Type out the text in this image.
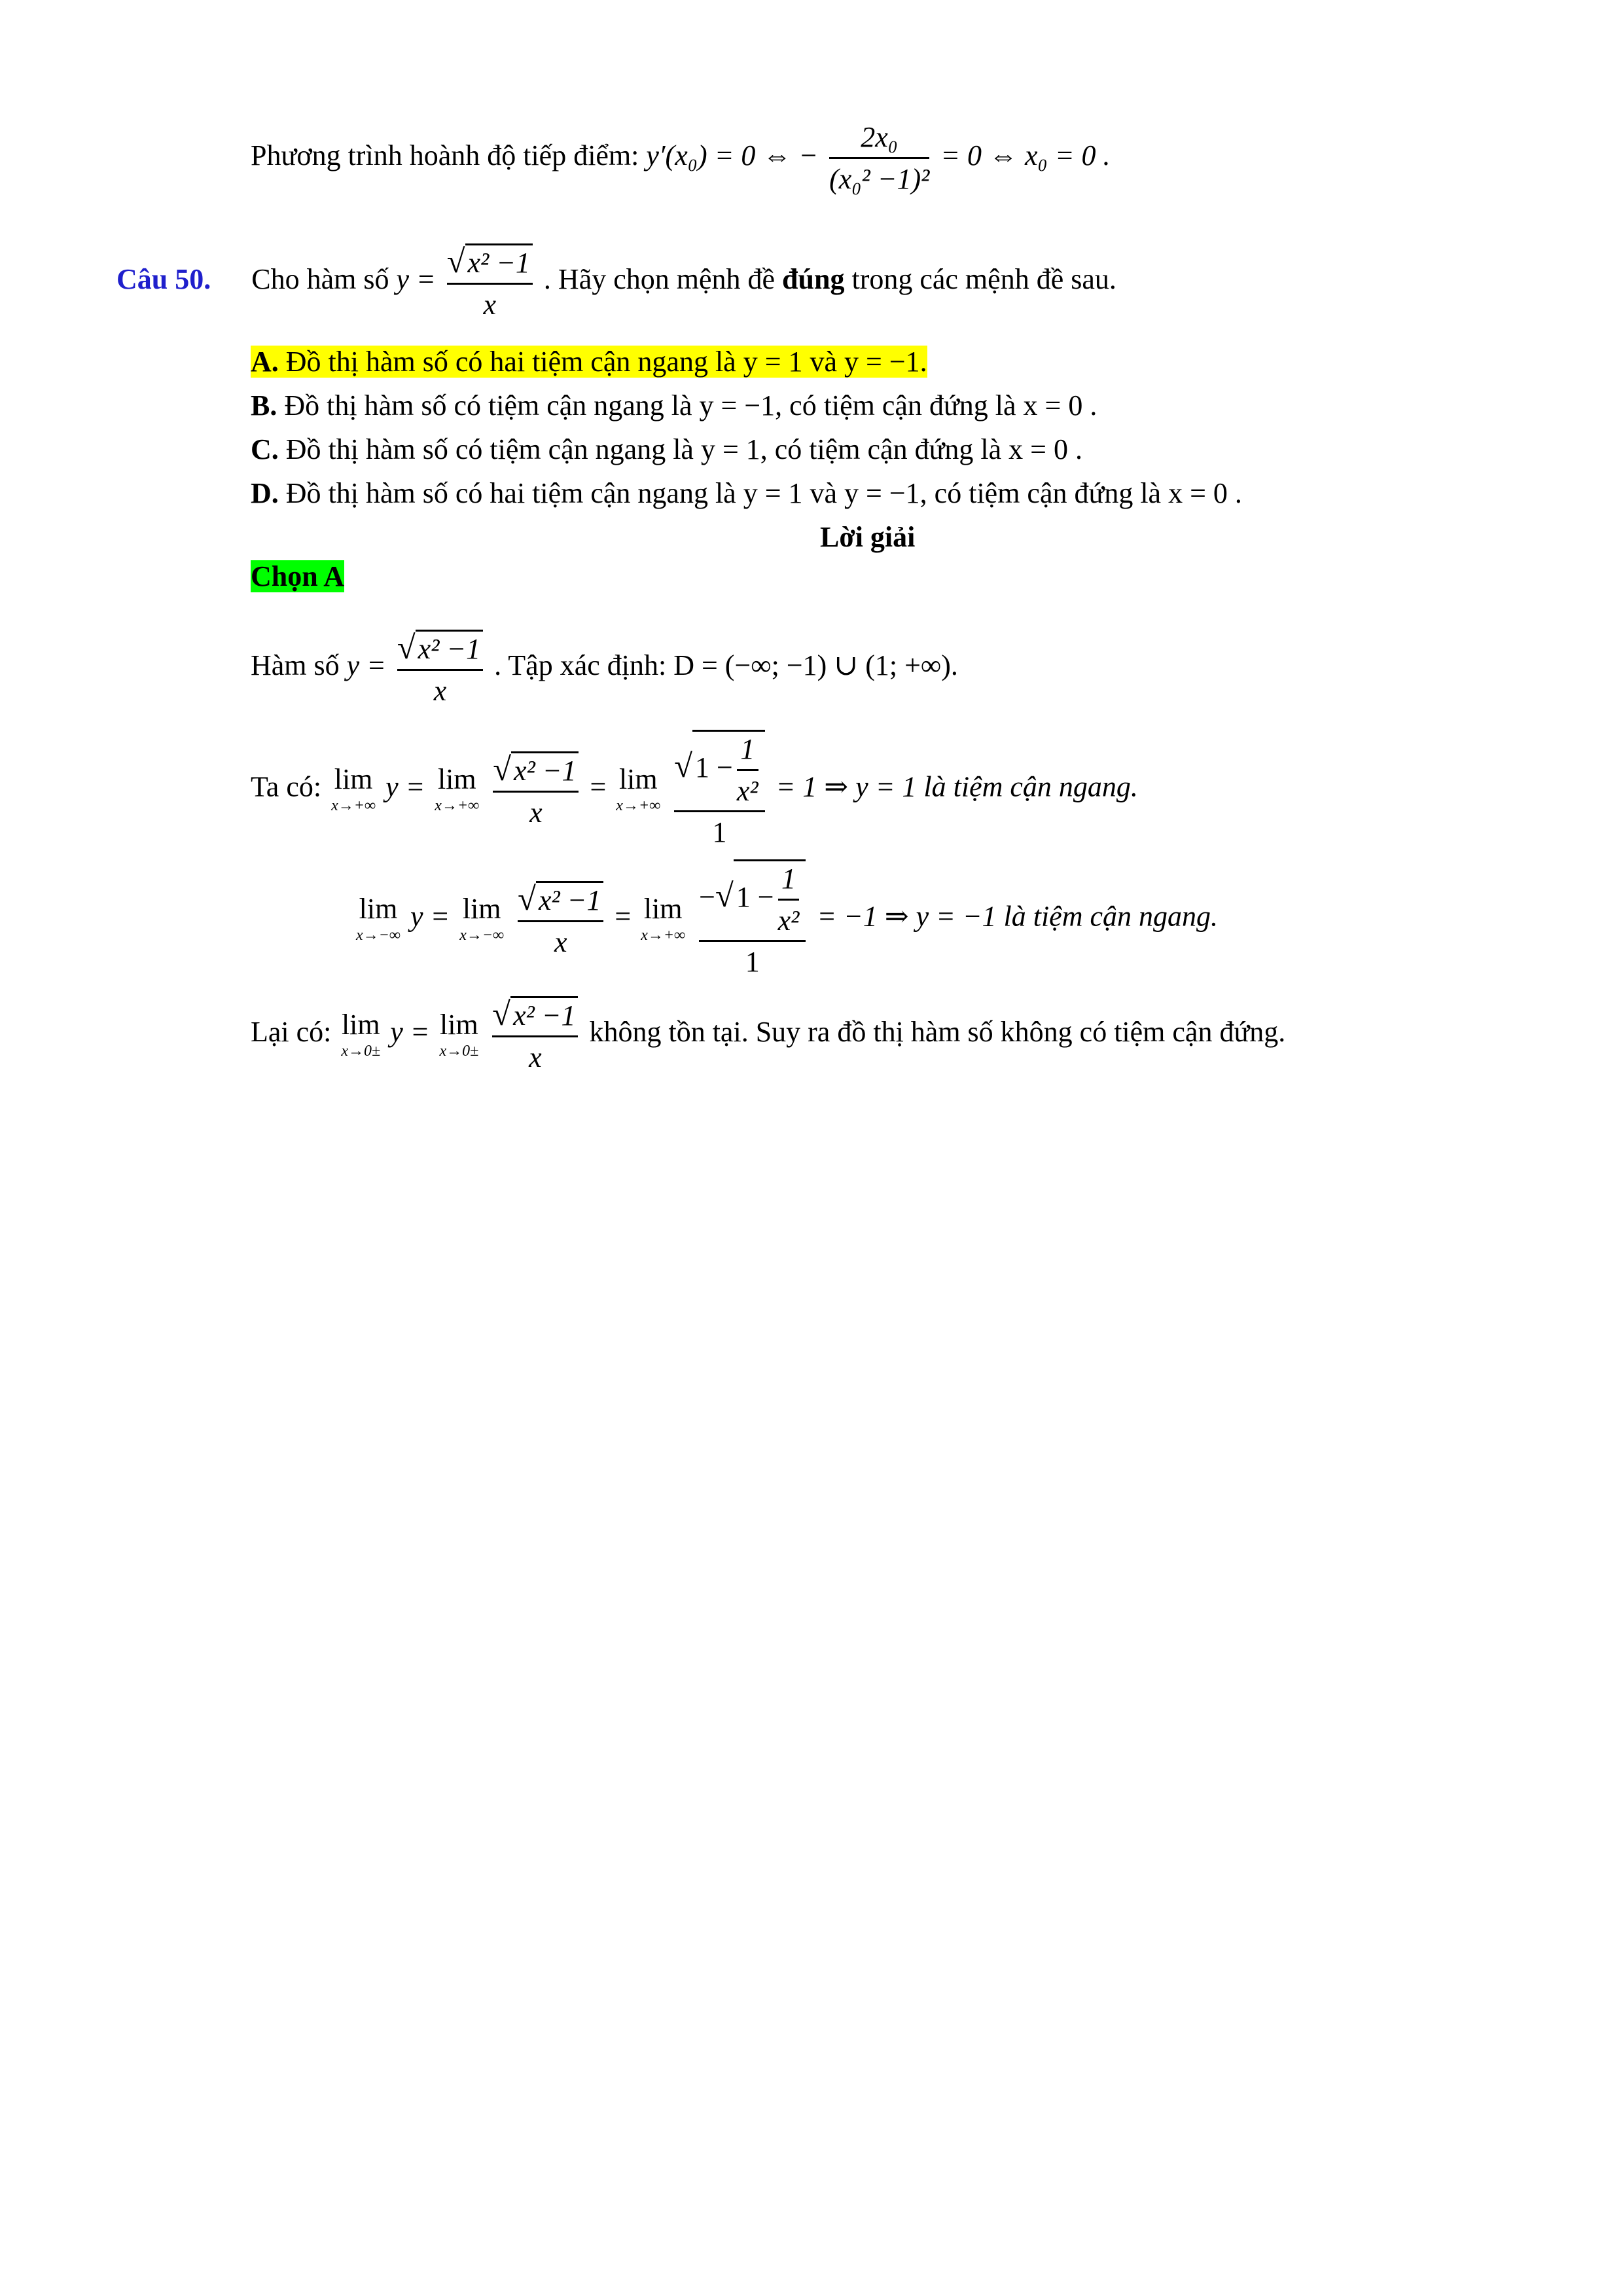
Phương trình hoành độ tiếp điểm: y′(x₀) = 0 ⇔ − $\frac{\text{2x₀}}{\text{(x₀² −1)²}} = 0$ ⇔ x₀ = 0 .
Câu 50. Cho hàm số $y = \frac{\text{√x² −1}}{x}$ . Hãy chọn mệnh đề đúng trong các mệnh đề sau.
A. Đồ thị hàm số có hai tiệm cận ngang là y = 1 và y = −1.
B. Đồ thị hàm số có tiệm cận ngang là y = −1, có tiệm cận đứng là x = 0 .
C. Đồ thị hàm số có tiệm cận ngang là y = 1, có tiệm cận đứng là x = 0 .
D. Đồ thị hàm số có hai tiệm cận ngang là y = 1 và y = −1, có tiệm cận đứng là x = 0 .
Lời giải
Chọn A
Hàm số $y = \frac{\text{√x² −1}}{x}$ . Tập xác định: D = (−∞; −1) ∪ (1; +∞).
Ta có: lim
x→+∞
y = lim
x→+∞
$\frac{\text{√x² −1}}{x} = \lim$
x→+∞
$\frac{√1 - \frac{1}{\text{x²}}}{1} = 1$ ⇒ y = 1 là tiệm cận ngang.
lim
x→−∞
y = lim
x→−∞
$\frac{\text{√x² −1}}{x} = \lim$
x→+∞
$\frac{-√1 - \frac{1}{\text{x²}}}{1} = -1$ ⇒ y = −1 là tiệm cận ngang.
Lại có: lim
x→0±
y = lim
x→0±
$\frac{\text{√x² −1}}{x}$ không tồn tại. Suy ra đồ thị hàm số không có tiệm cận đứng.
